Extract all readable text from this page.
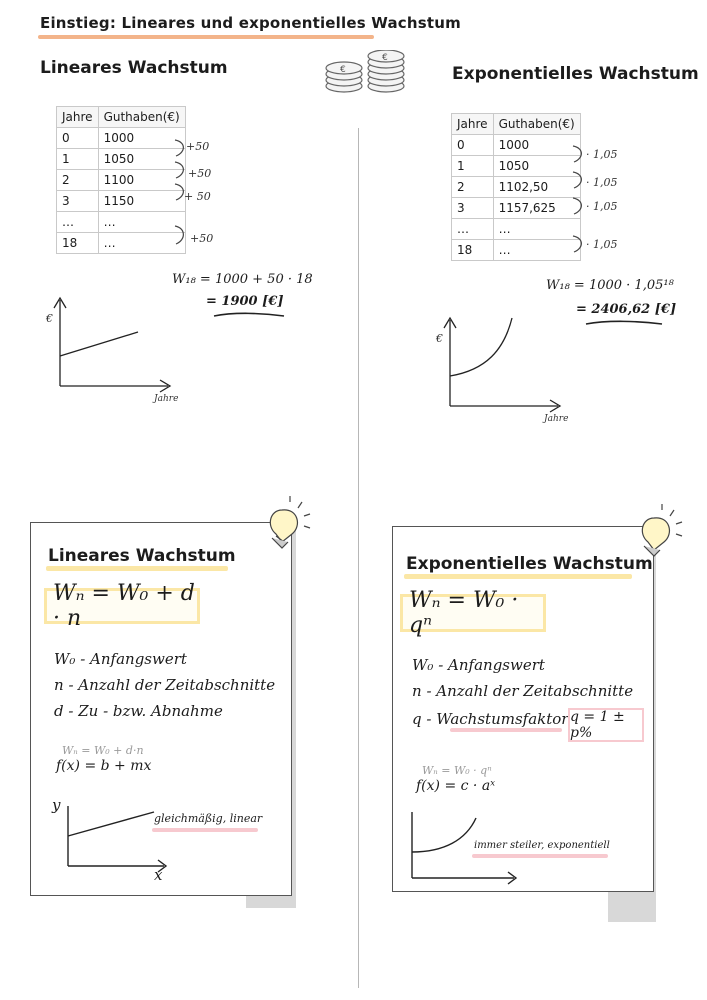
Einstieg: Lineares und exponentielles Wachstum
€
€
Lineares Wachstum	Exponentielles Wachstum
Jahre	Guthaben(€)
0	1000
1	1050
2	1100
3	1150
…	…
18	…
+50
+50
+ 50
+50
W₁₈ = 1000 + 50 · 18
= 1900 [€]
€
Jahre
Jahre	Guthaben(€)
0	1000
1	1050
2	1102,50
3	1157,625
…	…
18	…
· 1,05
· 1,05
· 1,05
· 1,05
W₁₈ = 1000 · 1,05¹⁸
= 2406,62 [€]
€
Jahre
Lineares Wachstum
Wₙ = W₀ + d · n
W₀ - Anfangswert
n - Anzahl der Zeitabschnitte
d - Zu - bzw. Abnahme
Wₙ = W₀ + d·n
f(x) = b + mx
y
x
gleichmäßig, linear
Exponentielles Wachstum
Wₙ = W₀ · qⁿ
W₀ - Anfangswert
n - Anzahl der Zeitabschnitte
q - Wachstumsfaktor q = 1 ± p%
Wₙ = W₀ · qⁿ
f(x) = c · aˣ
immer steiler, exponentiell
